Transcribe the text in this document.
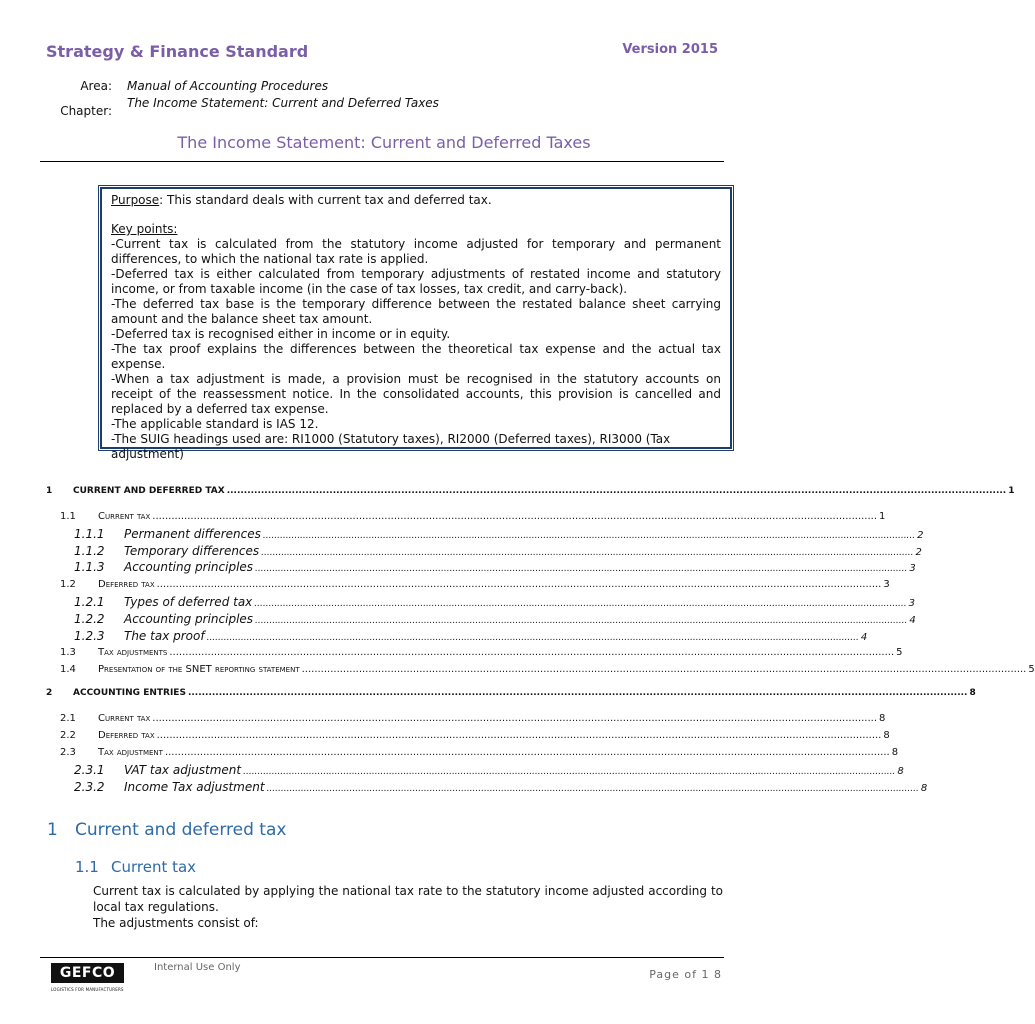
Strategy & Finance Standard	Version 2015
Area: Manual of Accounting Procedures
Chapter:
The Income Statement: Current and Deferred Taxes
The Income Statement: Current and Deferred Taxes

Purpose: This standard deals with current tax and deferred tax.

Key points:

-Current tax is calculated from the statutory income adjusted for temporary and permanent differences, to which the national tax rate is applied.

-Deferred tax is either calculated from temporary adjustments of restated income and statutory income, or from taxable income (in the case of tax losses, tax credit, and carry-back).

-The deferred tax base is the temporary difference between the restated balance sheet carrying amount and the balance sheet tax amount.

-Deferred tax is recognised either in income or in equity.

-The tax proof explains the differences between the theoretical tax expense and the actual tax expense.

-When a tax adjustment is made, a provision must be recognised in the statutory accounts on receipt of the reassessment notice. In the consolidated accounts, this provision is cancelled and replaced by a deferred tax expense.

-The applicable standard is IAS 12.

-The SUIG headings used are: RI1000 (Statutory taxes), RI2000 (Deferred taxes), RI3000 (Tax adjustment)

1	CURRENT AND DEFERRED TAX .................................................................................................................................................................................................................................... 1
1.1	Current tax .................................................................................................................................................................................................................................... 1
1.1.1	Permanent differences .................................................................................................................................................................................................................................... 2
1.1.2	Temporary differences .................................................................................................................................................................................................................................... 2
1.1.3	Accounting principles .................................................................................................................................................................................................................................... 3
1.2	Deferred tax .................................................................................................................................................................................................................................... 3
1.2.1	Types of deferred tax .................................................................................................................................................................................................................................... 3
1.2.2	Accounting principles .................................................................................................................................................................................................................................... 4
1.2.3	The tax proof .................................................................................................................................................................................................................................... 4
1.3	Tax adjustments .................................................................................................................................................................................................................................... 5
1.4	Presentation of the SNET reporting statement .................................................................................................................................................................................................................................... 5
2	ACCOUNTING ENTRIES .................................................................................................................................................................................................................................... 8
2.1	Current tax .................................................................................................................................................................................................................................... 8
2.2	Deferred tax .................................................................................................................................................................................................................................... 8
2.3	Tax adjustment .................................................................................................................................................................................................................................... 8
2.3.1	VAT tax adjustment .................................................................................................................................................................................................................................... 8
2.3.2	Income Tax adjustment .................................................................................................................................................................................................................................... 8
1 Current and deferred tax
1.1 Current tax
Current tax is calculated by applying the national tax rate to the statutory income adjusted according to local tax regulations.
The adjustments consist of:
GEFCO
LOGISTICS FOR MANUFACTURERS
Internal Use Only
Page of 1 8
